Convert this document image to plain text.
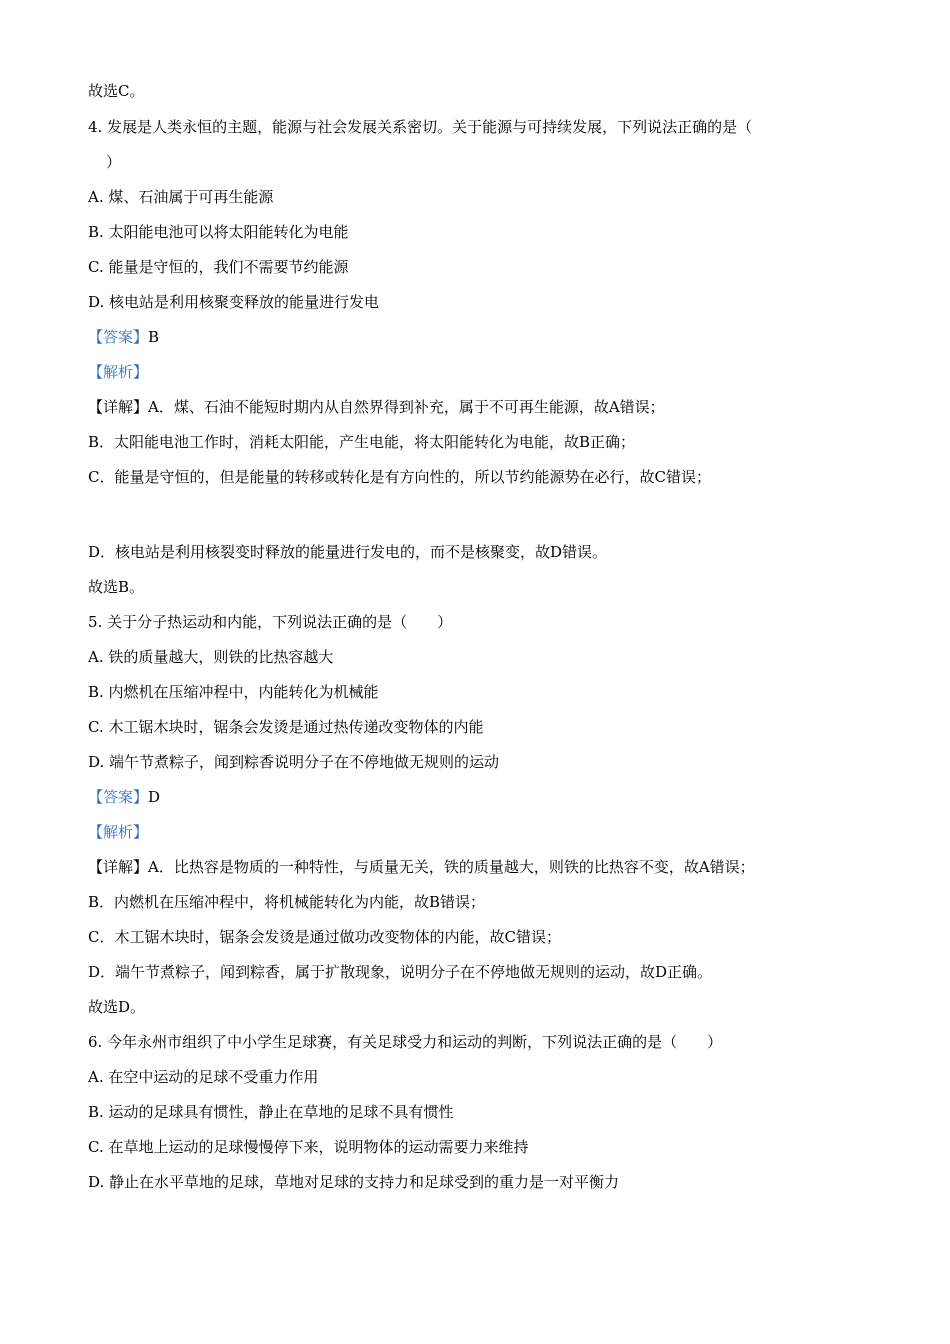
故选C。
4. 发展是人类永恒的主题，能源与社会发展关系密切。关于能源与可持续发展，下列说法正确的是（
）
A. 煤、石油属于可再生能源
B. 太阳能电池可以将太阳能转化为电能
C. 能量是守恒的，我们不需要节约能源
D. 核电站是利用核聚变释放的能量进行发电
【答案】B
【解析】
【详解】A．煤、石油不能短时期内从自然界得到补充，属于不可再生能源，故A错误；
B．太阳能电池工作时，消耗太阳能，产生电能，将太阳能转化为电能，故B正确；
C．能量是守恒的，但是能量的转移或转化是有方向性的，所以节约能源势在必行，故C错误；
D．核电站是利用核裂变时释放的能量进行发电的，而不是核聚变，故D错误。
故选B。
5. 关于分子热运动和内能，下列说法正确的是（　　）
A. 铁的质量越大，则铁的比热容越大
B. 内燃机在压缩冲程中，内能转化为机械能
C. 木工锯木块时，锯条会发烫是通过热传递改变物体的内能
D. 端午节煮粽子，闻到粽香说明分子在不停地做无规则的运动
【答案】D
【解析】
【详解】A．比热容是物质的一种特性，与质量无关，铁的质量越大，则铁的比热容不变，故A错误；
B．内燃机在压缩冲程中，将机械能转化为内能，故B错误；
C．木工锯木块时，锯条会发烫是通过做功改变物体的内能，故C错误；
D．端午节煮粽子，闻到粽香，属于扩散现象，说明分子在不停地做无规则的运动，故D正确。
故选D。
6. 今年永州市组织了中小学生足球赛，有关足球受力和运动的判断，下列说法正确的是（　　）
A. 在空中运动的足球不受重力作用
B. 运动的足球具有惯性，静止在草地的足球不具有惯性
C. 在草地上运动的足球慢慢停下来，说明物体的运动需要力来维持
D. 静止在水平草地的足球，草地对足球的支持力和足球受到的重力是一对平衡力
